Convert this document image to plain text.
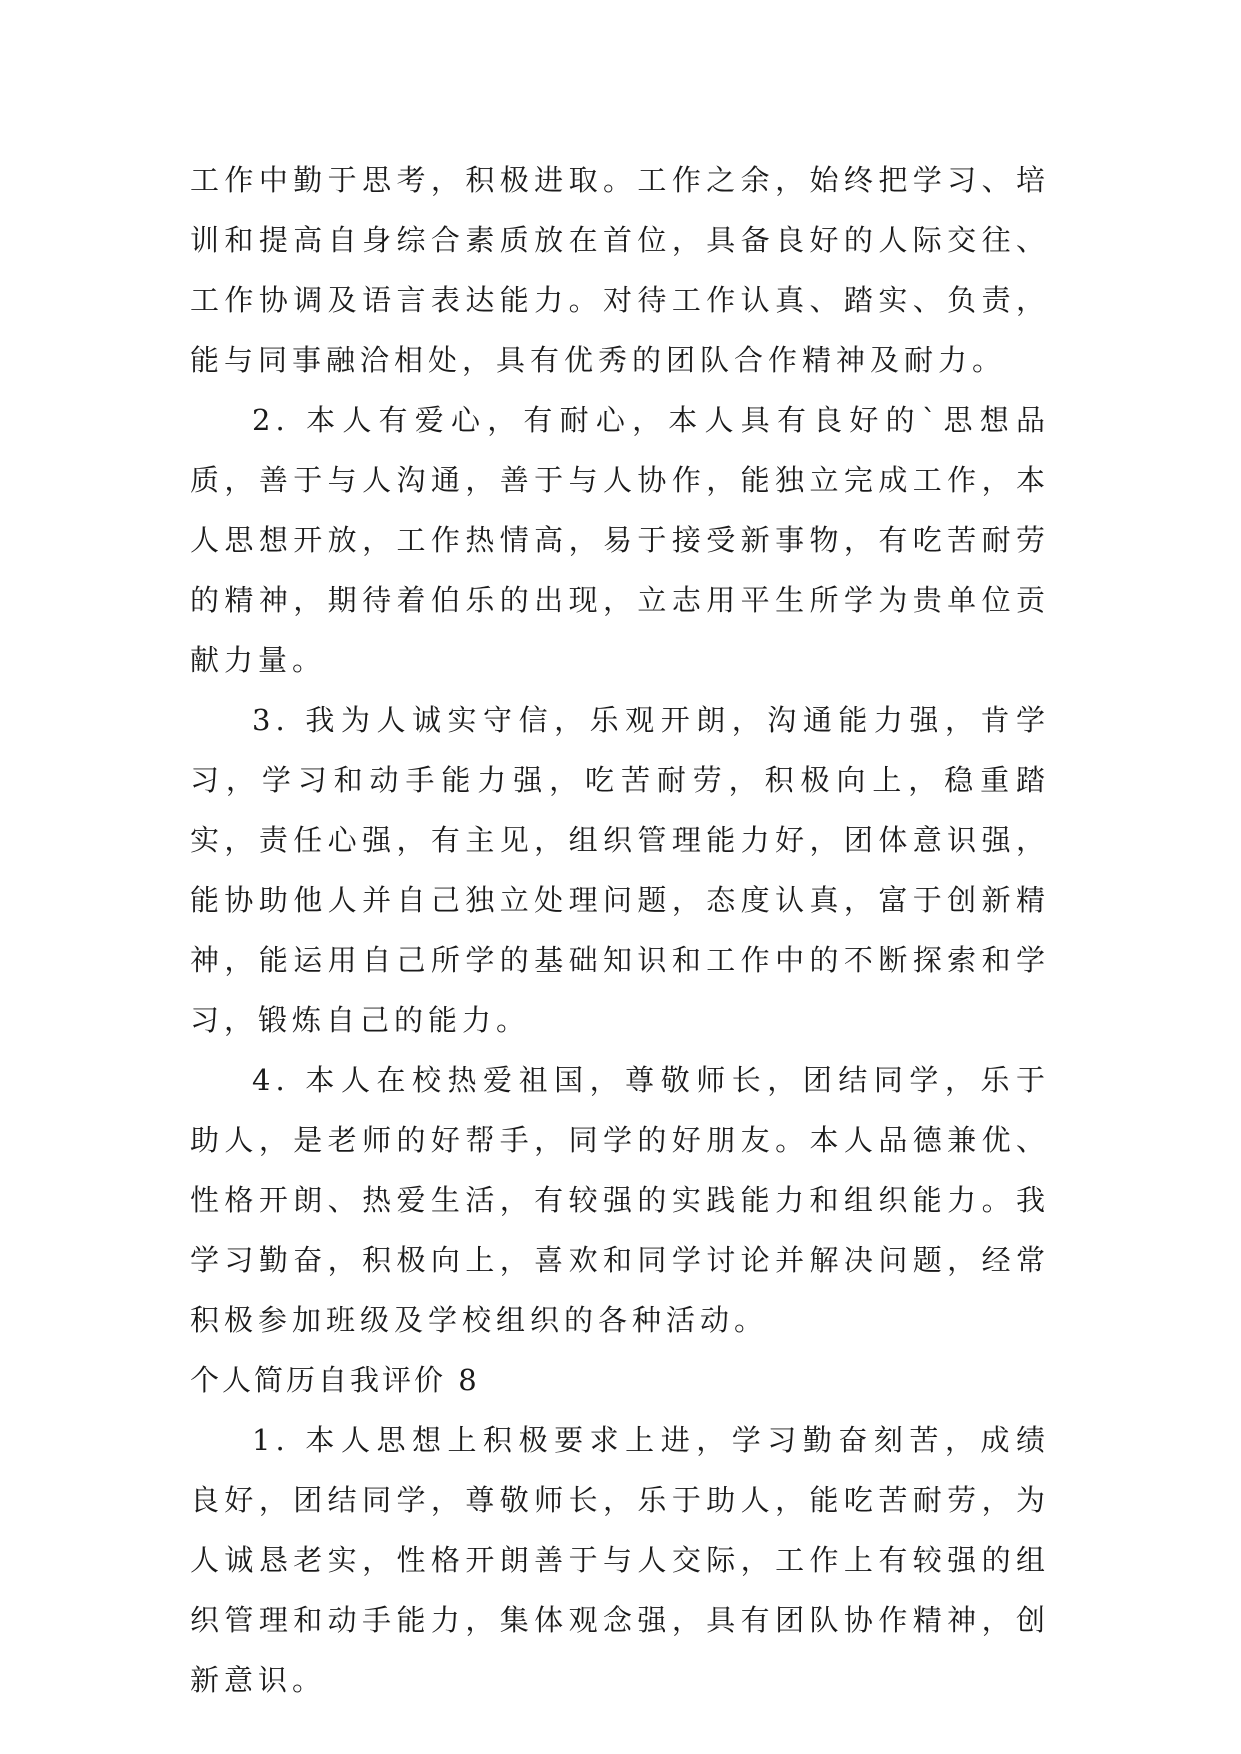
工作中勤于思考，积极进取。工作之余，始终把学习、培训和提高自身综合素质放在首位，具备良好的人际交往、工作协调及语言表达能力。对待工作认真、踏实、负责，能与同事融洽相处，具有优秀的团队合作精神及耐力。

2. 本人有爱心，有耐心，本人具有良好的`思想品质，善于与人沟通，善于与人协作，能独立完成工作，本人思想开放，工作热情高，易于接受新事物，有吃苦耐劳的精神，期待着伯乐的出现，立志用平生所学为贵单位贡献力量。

3. 我为人诚实守信，乐观开朗，沟通能力强，肯学习，学习和动手能力强，吃苦耐劳，积极向上，稳重踏实，责任心强，有主见，组织管理能力好，团体意识强，能协助他人并自己独立处理问题，态度认真，富于创新精神，能运用自己所学的基础知识和工作中的不断探索和学习，锻炼自己的能力。

4. 本人在校热爱祖国，尊敬师长，团结同学，乐于助人，是老师的好帮手，同学的好朋友。本人品德兼优、性格开朗、热爱生活，有较强的实践能力和组织能力。我学习勤奋，积极向上，喜欢和同学讨论并解决问题，经常积极参加班级及学校组织的各种活动。

个人简历自我评价 8

1. 本人思想上积极要求上进，学习勤奋刻苦，成绩良好，团结同学，尊敬师长，乐于助人，能吃苦耐劳，为人诚恳老实，性格开朗善于与人交际，工作上有较强的组织管理和动手能力，集体观念强，具有团队协作精神，创新意识。
